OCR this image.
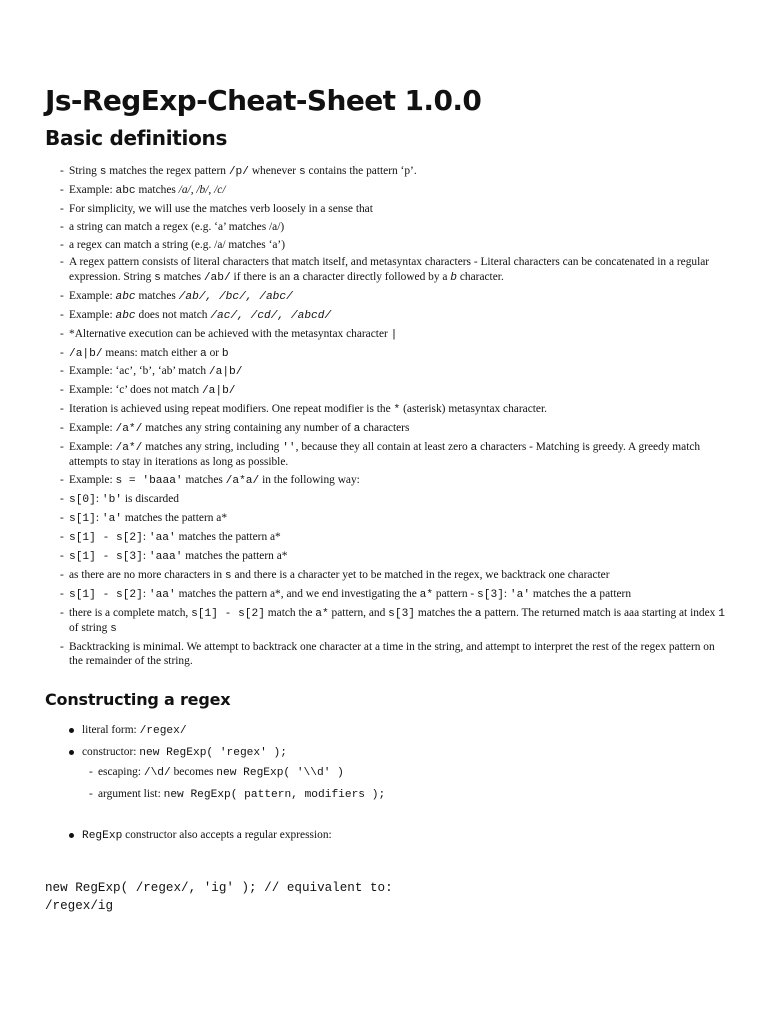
Js-RegExp-Cheat-Sheet 1.0.0
Basic definitions
- String s matches the regex pattern /p/ whenever s contains the pattern ‘p’.
- Example: abc matches /a/, /b/, /c/
- For simplicity, we will use the matches verb loosely in a sense that
- a string can match a regex (e.g. ‘a’ matches /a/)
- a regex can match a string (e.g. /a/ matches ‘a’)
- A regex pattern consists of literal characters that match itself, and metasyntax characters - Literal characters can be concatenated in a regular expression. String s matches /ab/ if there is an a character directly followed by a b character.
- Example: abc matches /ab/, /bc/, /abc/
- Example: abc does not match /ac/, /cd/, /abcd/
- *Alternative execution can be achieved with the metasyntax character |
- /a|b/ means: match either a or b
- Example: ‘ac’, ‘b’, ‘ab’ match /a|b/
- Example: ‘c’ does not match /a|b/
- Iteration is achieved using repeat modifiers. One repeat modifier is the * (asterisk) metasyntax character.
- Example: /a*/ matches any string containing any number of a characters
- Example: /a*/ matches any string, including '', because they all contain at least zero a characters - Matching is greedy. A greedy match attempts to stay in iterations as long as possible.
- Example: s = 'baaa' matches /a*a/ in the following way:
- s[0]: 'b' is discarded
- s[1]: 'a' matches the pattern a*
- s[1] - s[2]: 'aa' matches the pattern a*
- s[1] - s[3]: 'aaa' matches the pattern a*
- as there are no more characters in s and there is a character yet to be matched in the regex, we backtrack one character
- s[1] - s[2]: 'aa' matches the pattern a*, and we end investigating the a* pattern - s[3]: 'a' matches the a pattern
- there is a complete match, s[1] - s[2] match the a* pattern, and s[3] matches the a pattern. The returned match is aaa starting at index 1 of string s
- Backtracking is minimal. We attempt to backtrack one character at a time in the string, and attempt to interpret the rest of the regex pattern on the remainder of the string.
Constructing a regex
literal form: /regex/
constructor: new RegExp( 'regex' );
- escaping: /\d/ becomes new RegExp( '\\d' )
- argument list: new RegExp( pattern, modifiers );
RegExp constructor also accepts a regular expression:
new RegExp( /regex/, 'ig' ); // equivalent to:
/regex/ig
